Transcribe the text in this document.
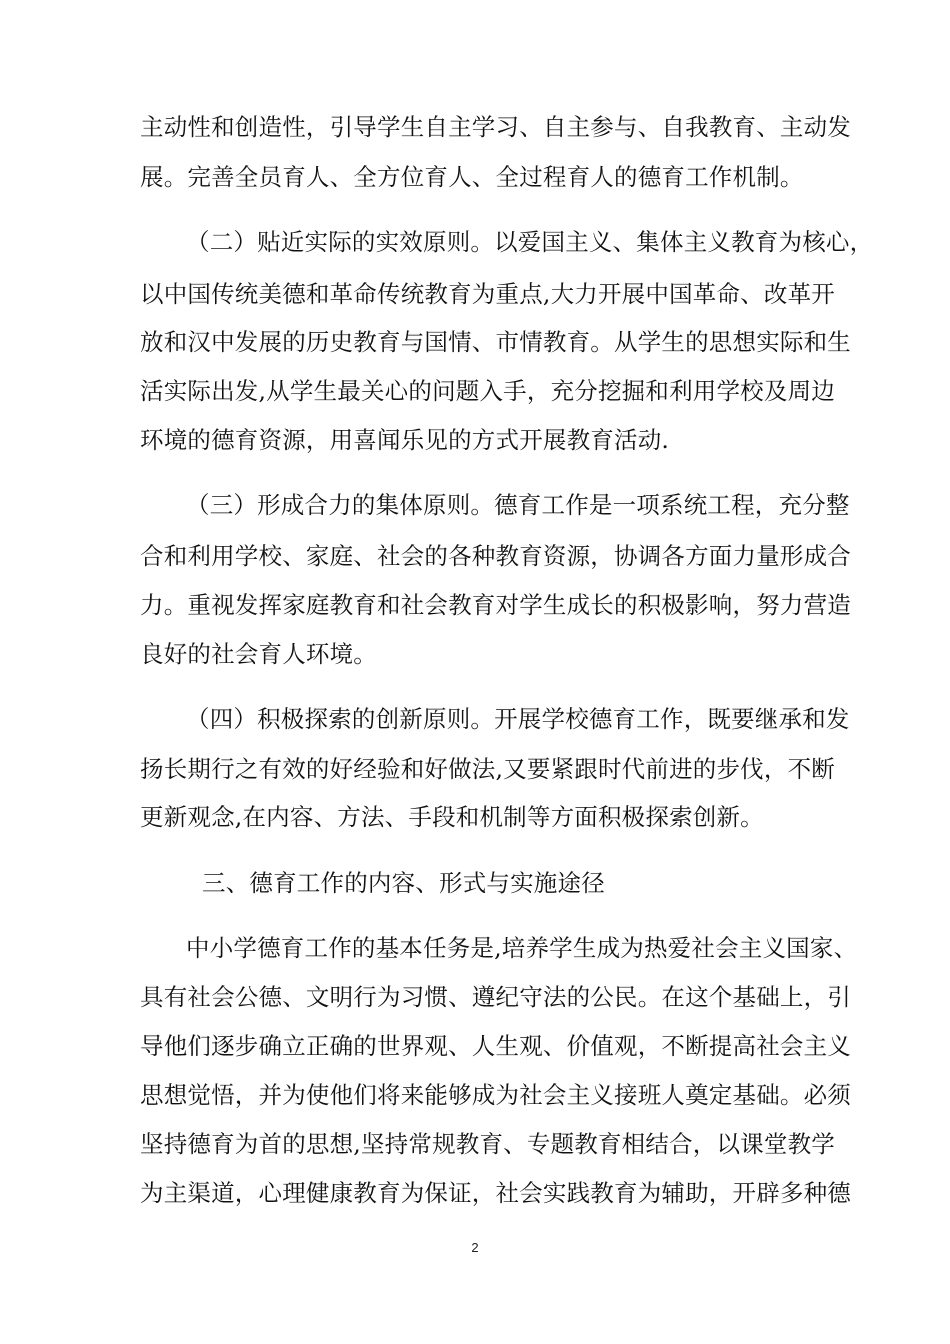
主动性和创造性，引导学生自主学习、自主参与、自我教育、主动发
展。完善全员育人、全方位育人、全过程育人的德育工作机制。
（二）贴近实际的实效原则。以爱国主义、集体主义教育为核心，
以中国传统美德和革命传统教育为重点,大力开展中国革命、改革开
放和汉中发展的历史教育与国情、市情教育。从学生的思想实际和生
活实际出发,从学生最关心的问题入手，充分挖掘和利用学校及周边
环境的德育资源，用喜闻乐见的方式开展教育活动.
（三）形成合力的集体原则。德育工作是一项系统工程，充分整
合和利用学校、家庭、社会的各种教育资源，协调各方面力量形成合
力。重视发挥家庭教育和社会教育对学生成长的积极影响，努力营造
良好的社会育人环境。
（四）积极探索的创新原则。开展学校德育工作，既要继承和发
扬长期行之有效的好经验和好做法,又要紧跟时代前进的步伐，不断
更新观念,在内容、方法、手段和机制等方面积极探索创新。
三、德育工作的内容、形式与实施途径
中小学德育工作的基本任务是,培养学生成为热爱社会主义国家、
具有社会公德、文明行为习惯、遵纪守法的公民。在这个基础上，引
导他们逐步确立正确的世界观、人生观、价值观，不断提高社会主义
思想觉悟，并为使他们将来能够成为社会主义接班人奠定基础。必须
坚持德育为首的思想,坚持常规教育、专题教育相结合，以课堂教学
为主渠道，心理健康教育为保证，社会实践教育为辅助，开辟多种德
2
